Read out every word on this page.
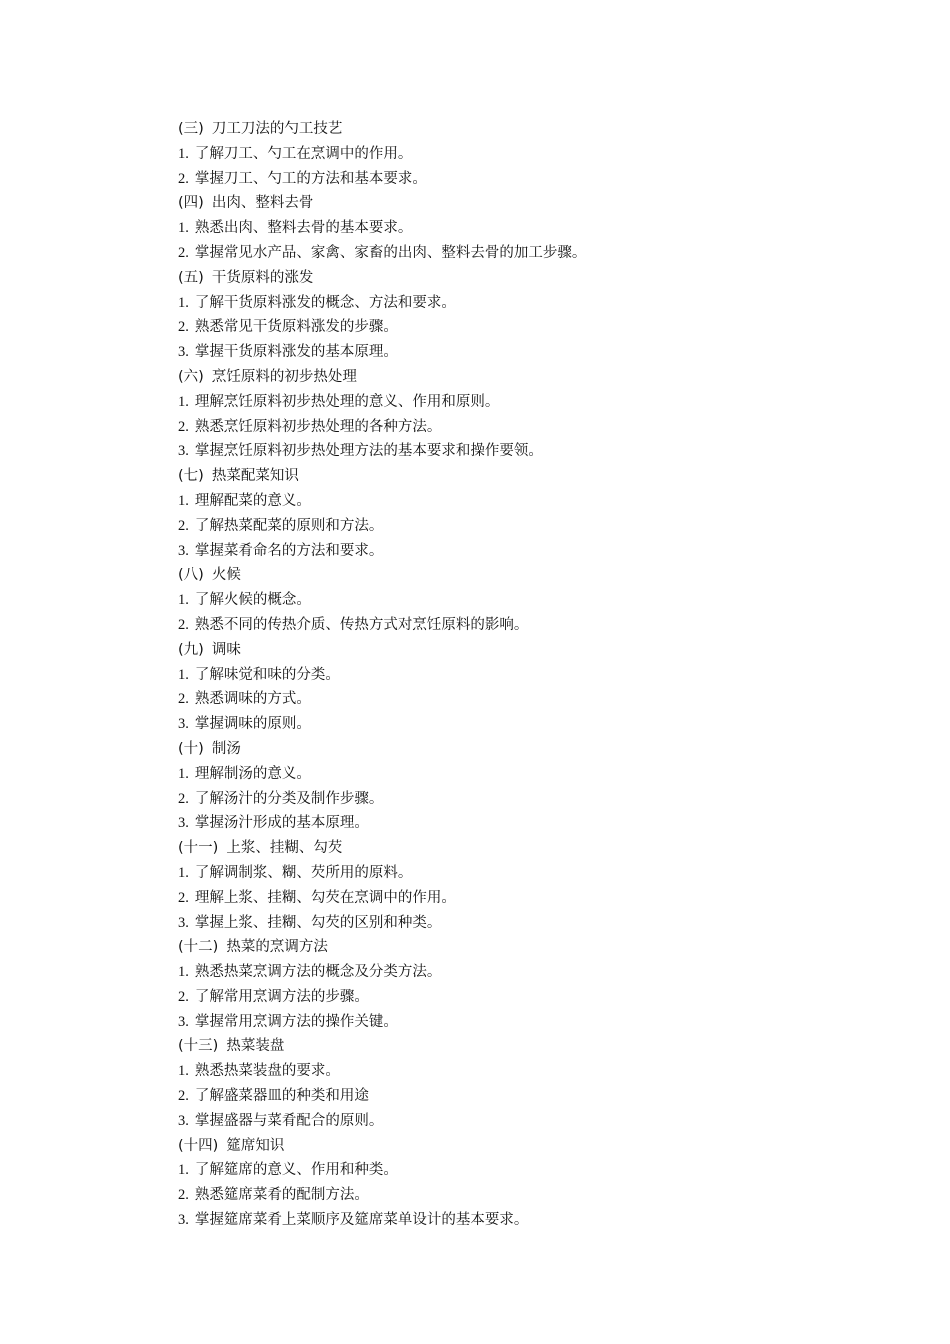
(三) 刀工刀法的勺工技艺
1. 了解刀工、勺工在烹调中的作用。
2. 掌握刀工、勺工的方法和基本要求。
(四) 出肉、整料去骨
1. 熟悉出肉、整料去骨的基本要求。
2. 掌握常见水产品、家禽、家畜的出肉、整料去骨的加工步骤。
(五) 干货原料的涨发
1. 了解干货原料涨发的概念、方法和要求。
2. 熟悉常见干货原料涨发的步骤。
3. 掌握干货原料涨发的基本原理。
(六) 烹饪原料的初步热处理
1. 理解烹饪原料初步热处理的意义、作用和原则。
2. 熟悉烹饪原料初步热处理的各种方法。
3. 掌握烹饪原料初步热处理方法的基本要求和操作要领。
(七) 热菜配菜知识
1. 理解配菜的意义。
2. 了解热菜配菜的原则和方法。
3. 掌握菜肴命名的方法和要求。
(八) 火候
1. 了解火候的概念。
2. 熟悉不同的传热介质、传热方式对烹饪原料的影响。
(九) 调味
1. 了解味觉和味的分类。
2. 熟悉调味的方式。
3. 掌握调味的原则。
(十) 制汤
1. 理解制汤的意义。
2. 了解汤汁的分类及制作步骤。
3. 掌握汤汁形成的基本原理。
(十一) 上浆、挂糊、勾芡
1. 了解调制浆、糊、芡所用的原料。
2. 理解上浆、挂糊、勾芡在烹调中的作用。
3. 掌握上浆、挂糊、勾芡的区别和种类。
(十二) 热菜的烹调方法
1. 熟悉热菜烹调方法的概念及分类方法。
2. 了解常用烹调方法的步骤。
3. 掌握常用烹调方法的操作关键。
(十三) 热菜装盘
1. 熟悉热菜装盘的要求。
2. 了解盛菜器皿的种类和用途
3. 掌握盛器与菜肴配合的原则。
(十四) 筵席知识
1. 了解筵席的意义、作用和种类。
2. 熟悉筵席菜肴的配制方法。
3. 掌握筵席菜肴上菜顺序及筵席菜单设计的基本要求。
